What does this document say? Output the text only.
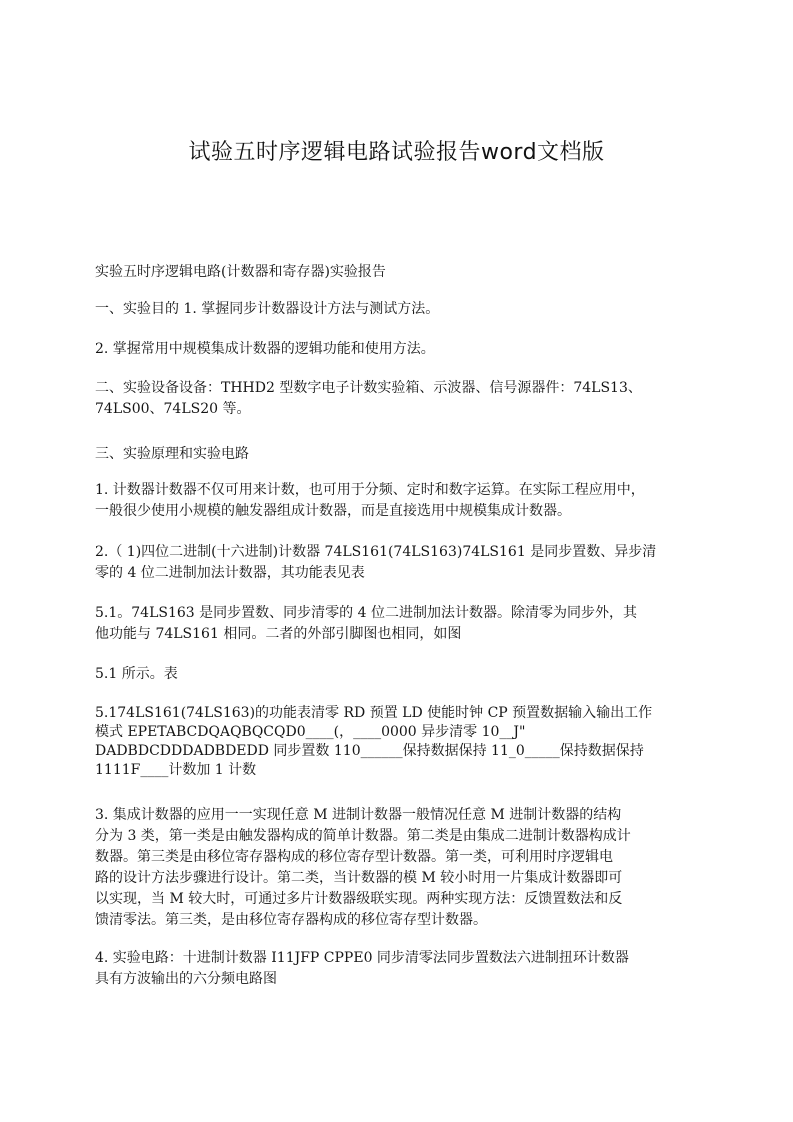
试验五时序逻辑电路试验报告word文档版
实验五时序逻辑电路(计数器和寄存器)实验报告
一、实验目的 1. 掌握同步计数器设计方法与测试方法。
2. 掌握常用中规模集成计数器的逻辑功能和使用方法。
二、实验设备设备：THHD2 型数字电子计数实验箱、示波器、信号源器件：74LS13、
74LS00、74LS20 等。
三、实验原理和实验电路
1. 计数器计数器不仅可用来计数，也可用于分频、定时和数字运算。在实际工程应用中，
一般很少使用小规模的触发器组成计数器，而是直接选用中规模集成计数器。
2.（ 1)四位二进制(十六进制)计数器 74LS161(74LS163)74LS161 是同步置数、异步清
零的 4 位二进制加法计数器，其功能表见表
5.1。74LS163 是同步置数、同步清零的 4 位二进制加法计数器。除清零为同步外，其
他功能与 74LS161 相同。二者的外部引脚图也相同，如图
5.1 所示。表
5.174LS161(74LS163)的功能表清零 RD 预置 LD 使能时钟 CP 预置数据输入输出工作
模式 EPETABCDQAQBQCQD0____(，____0000 异步清零 10__J"
DADBDCDDDADBDEDD 同步置数 110______保持数据保持 11_0_____保持数据保持
1111F____计数加 1 计数
3. 集成计数器的应用一一实现任意 M 进制计数器一般情况任意 M 进制计数器的结构
分为 3 类，第一类是由触发器构成的简单计数器。第二类是由集成二进制计数器构成计
数器。第三类是由移位寄存器构成的移位寄存型计数器。第一类，可利用时序逻辑电
路的设计方法步骤进行设计。第二类，当计数器的模 M 较小时用一片集成计数器即可
以实现，当 M 较大时，可通过多片计数器级联实现。两种实现方法：反馈置数法和反
馈清零法。第三类，是由移位寄存器构成的移位寄存型计数器。
4. 实验电路：十进制计数器 I11JFP CPPE0 同步清零法同步置数法六进制扭环计数器
具有方波输出的六分频电路图
